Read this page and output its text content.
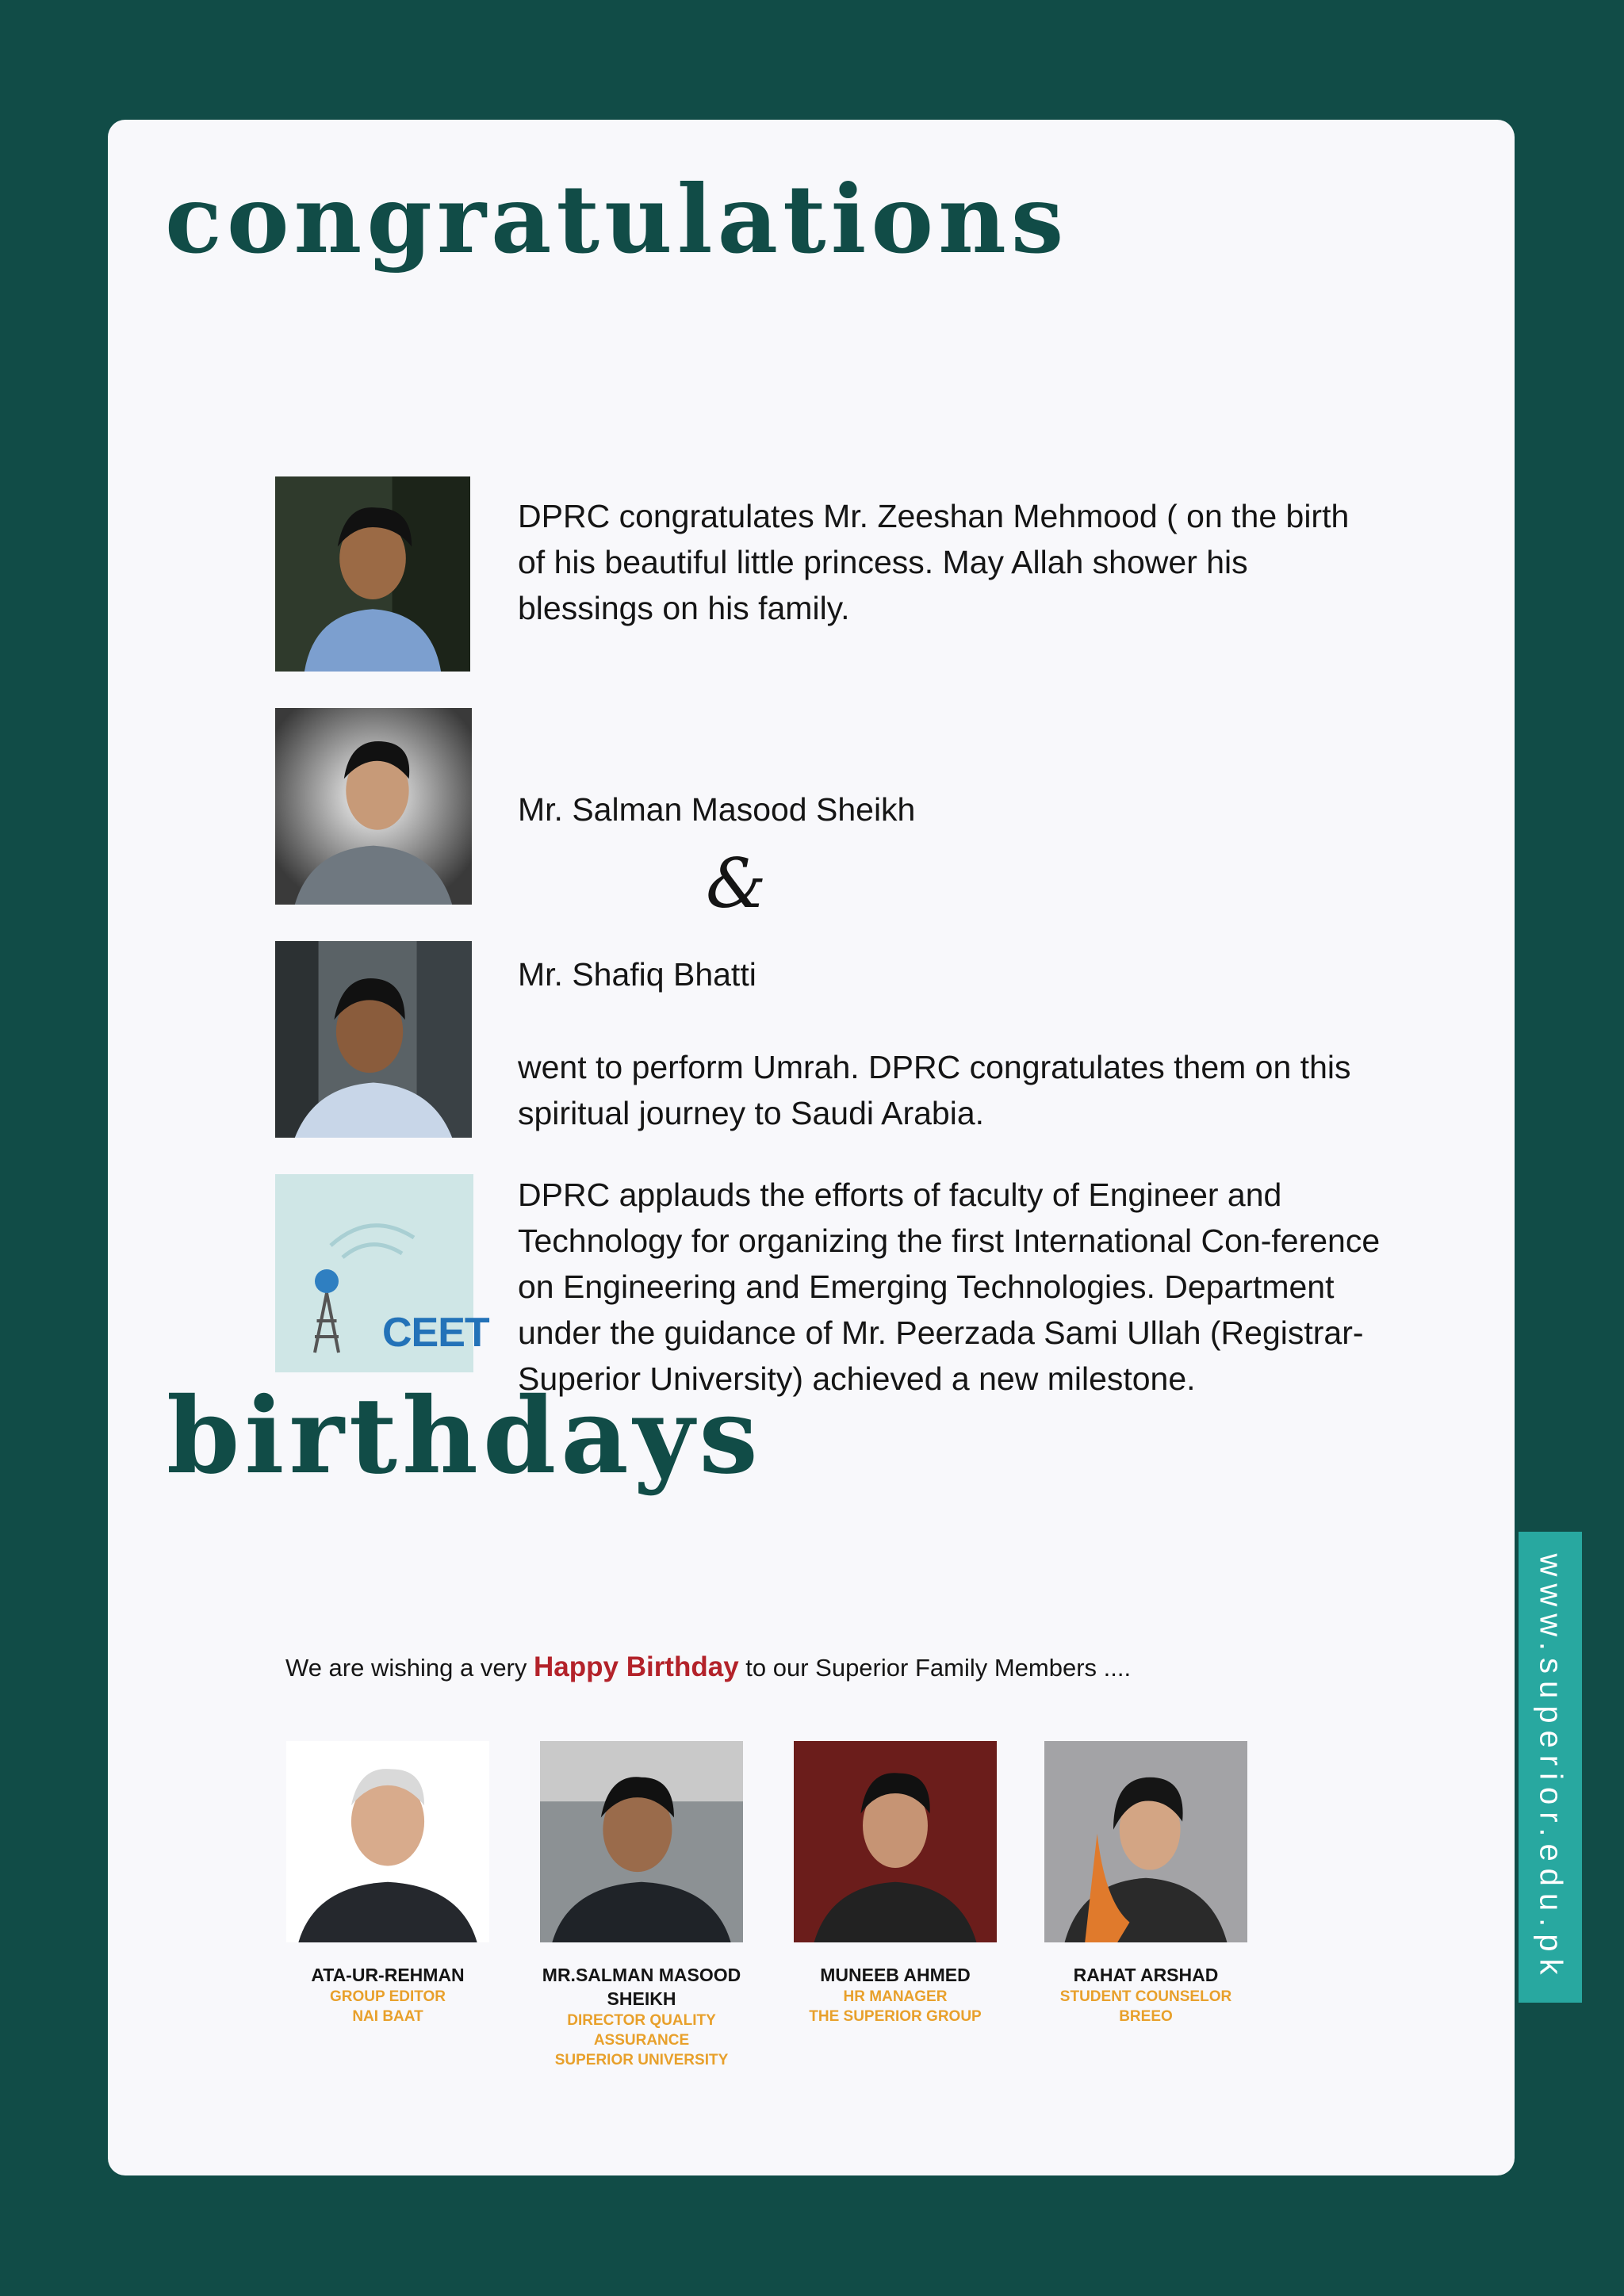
congratulations

DPRC congratulates Mr. Zeeshan Mehmood ( on the birth of his beautiful little princess. May Allah shower his blessings on his family.

Mr. Salman Masood Sheikh

&

Mr. Shafiq Bhatti

went to perform Umrah. DPRC congratulates them on this spiritual journey to Saudi Arabia.

CEET

DPRC applauds the efforts of faculty of Engineer and Technology for organizing the first International Con-ference on Engineering and Emerging Technologies. Department under the guidance of Mr. Peerzada Sami Ullah (Registrar-Superior University) achieved a new milestone.

birthdays

We are wishing a very Happy Birthday to our Superior Family Members ....

ATA-UR-REHMAN
GROUP EDITOR
NAI BAAT
MR.SALMAN MASOOD SHEIKH
DIRECTOR QUALITY
ASSURANCE
SUPERIOR UNIVERSITY
MUNEEB AHMED
HR MANAGER
THE SUPERIOR GROUP
RAHAT ARSHAD
STUDENT COUNSELOR
BREEO
www.superior.edu.pk
